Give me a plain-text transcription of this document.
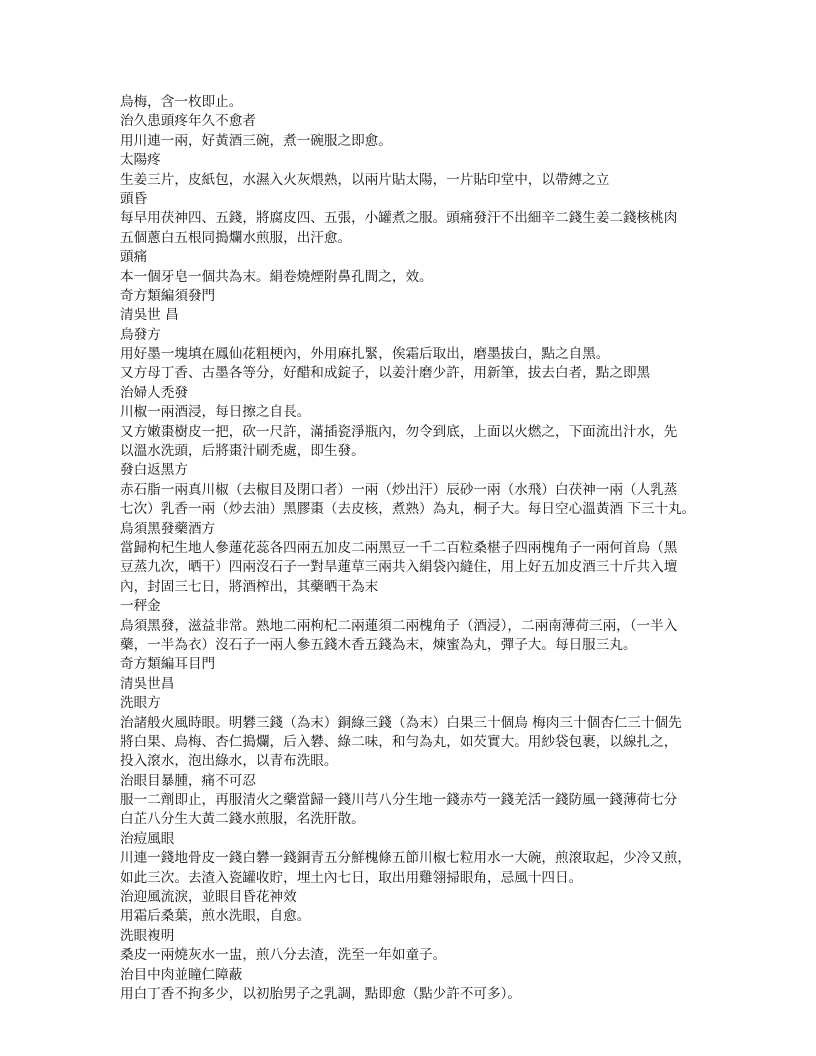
烏梅，含一枚即止。
治久患頭疼年久不愈者
用川連一兩，好黃酒三碗，煮一碗服之即愈。
太陽疼
生姜三片，皮紙包，水濕入火灰煨熟，以兩片貼太陽，一片貼印堂中，以帶縛之立
頭昏
每早用茯神四、五錢，將腐皮四、五張，小罐煮之服。頭痛發汗不出細辛二錢生姜二錢核桃肉
五個蔥白五根同搗爛水煎服，出汗愈。
頭痛
本一個牙皂一個共為末。絹卷燒煙附鼻孔間之，效。
奇方類編須發門
清吳世 昌
烏發方
用好墨一塊填在鳳仙花粗梗內，外用麻扎緊，俟霜后取出，磨墨拔白，點之自黑。
又方母丁香、古墨各等分，好醋和成錠子，以姜汁磨少許，用新筆，拔去白者，點之即黑
治婦人禿發
川椒一兩酒浸，每日擦之自長。
又方嫩棗樹皮一把，砍一尺許，滿插瓷淨瓶內，勿令到底，上面以火燃之，下面流出汁水，先
以溫水洗頭，后將棗汁刷禿處，即生發。
發白返黑方
赤石脂一兩真川椒（去椒目及閉口者）一兩（炒出汗）辰砂一兩（水飛）白茯神一兩（人乳蒸
七次）乳香一兩（炒去油）黑膠棗（去皮核，煮熟）為丸，桐子大。每日空心溫黃酒 下三十丸。
烏須黑發藥酒方
當歸枸杞生地人參蓮花蕊各四兩五加皮二兩黑豆一千二百粒桑椹子四兩槐角子一兩何首烏（黑
豆蒸九次，晒干）四兩沒石子一對旱蓮草三兩共入絹袋內縫住，用上好五加皮酒三十斤共入壇
內，封固三七日，將酒榨出，其藥晒干為末
一秤金
烏須黑發，滋益非常。熟地二兩枸杞二兩蓮須二兩槐角子（酒浸），二兩南薄荷三兩，（一半入
藥，一半為衣）沒石子一兩人參五錢木香五錢為末，煉蜜為丸，彈子大。每日服三丸。
奇方類編耳目門
清吳世昌
洗眼方
治諸般火風時眼。明礬三錢（為末）銅綠三錢（為末）白果三十個烏 梅肉三十個杏仁三十個先
將白果、烏梅、杏仁搗爛，后入礬、綠二味，和勻為丸，如芡實大。用紗袋包裹，以線扎之，
投入滾水，泡出綠水，以青布洗眼。
治眼目暴腫，痛不可忍
服一二劑即止，再服清火之藥當歸一錢川芎八分生地一錢赤芍一錢羌活一錢防風一錢薄荷七分
白芷八分生大黃二錢水煎服，名洗肝散。
治痘風眼
川連一錢地骨皮一錢白礬一錢銅青五分鮮槐條五節川椒七粒用水一大碗，煎滾取起，少冷又煎，
如此三次。去渣入瓷罐收貯，埋土內七日，取出用雞翎掃眼角，忌風十四日。
治迎風流淚，並眼目昏花神效
用霜后桑葉，煎水洗眼，自愈。
洗眼複明
桑皮一兩燒灰水一盅，煎八分去渣，洗至一年如童子。
治目中肉並瞳仁障蔽
用白丁香不拘多少，以初胎男子之乳調，點即愈（點少許不可多）。
